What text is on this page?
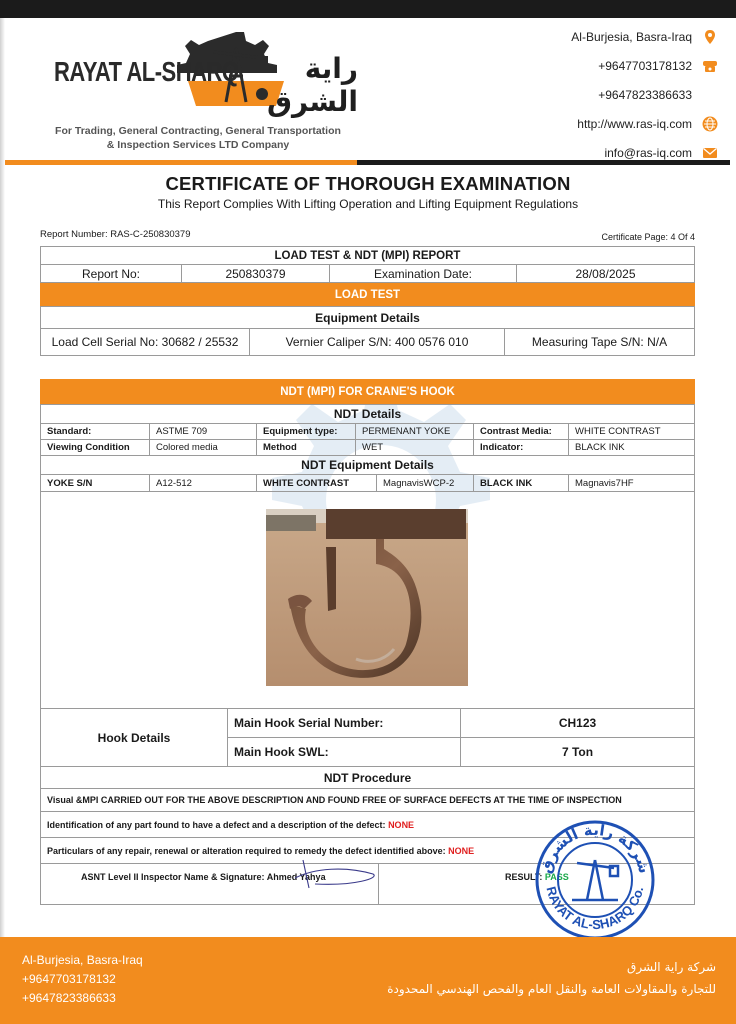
RAYAT AL-SHARQ	راية الشرق
For Trading, General Contracting, General Transportation
& Inspection Services LTD Company
Al-Burjesia, Basra-Iraq
+9647703178132
+9647823386633
http://www.ras-iq.com
info@ras-iq.com
CERTIFICATE OF THOROUGH EXAMINATION
This Report Complies With Lifting Operation and Lifting Equipment Regulations
Report Number: RAS-C-250830379	Certificate Page: 4 Of 4
LOAD TEST & NDT (MPI) REPORT
Report No:	250830379	Examination Date:	28/08/2025
LOAD TEST
Equipment Details
Load Cell Serial No: 30682 / 25532	Vernier Caliper S/N: 400 0576 010	Measuring Tape S/N: N/A
NDT (MPI) FOR CRANE'S HOOK
NDT Details
Standard:	ASTME 709	Equipment type:	PERMENANT YOKE	Contrast Media:	WHITE CONTRAST
Viewing Condition	Colored media	Method	WET	Indicator:	BLACK INK
NDT Equipment Details
YOKE S/N	A12-512	WHITE CONTRAST	MagnavisWCP-2	BLACK INK	Magnavis7HF
Hook Details
Main Hook Serial Number:	CH123
Main Hook SWL:	7 Ton
NDT Procedure
Visual &MPI CARRIED OUT FOR THE ABOVE DESCRIPTION AND FOUND FREE OF SURFACE DEFECTS AT THE TIME OF INSPECTION
Identification of any part found to have a defect and a description of the defect:
NONE
Particulars of any repair, renewal or alteration required to remedy the defect identified above:
NONE
ASNT Level II Inspector Name & Signature: Ahmed Yahya	RESULT:
PASS
شركة راية الشرق
RAYAT AL-SHARQ Co.
Al-Burjesia, Basra-Iraq
+9647703178132
+9647823386633
شركة راية الشرق
للتجارة والمقاولات العامة والنقل العام والفحص الهندسي المحدودة
